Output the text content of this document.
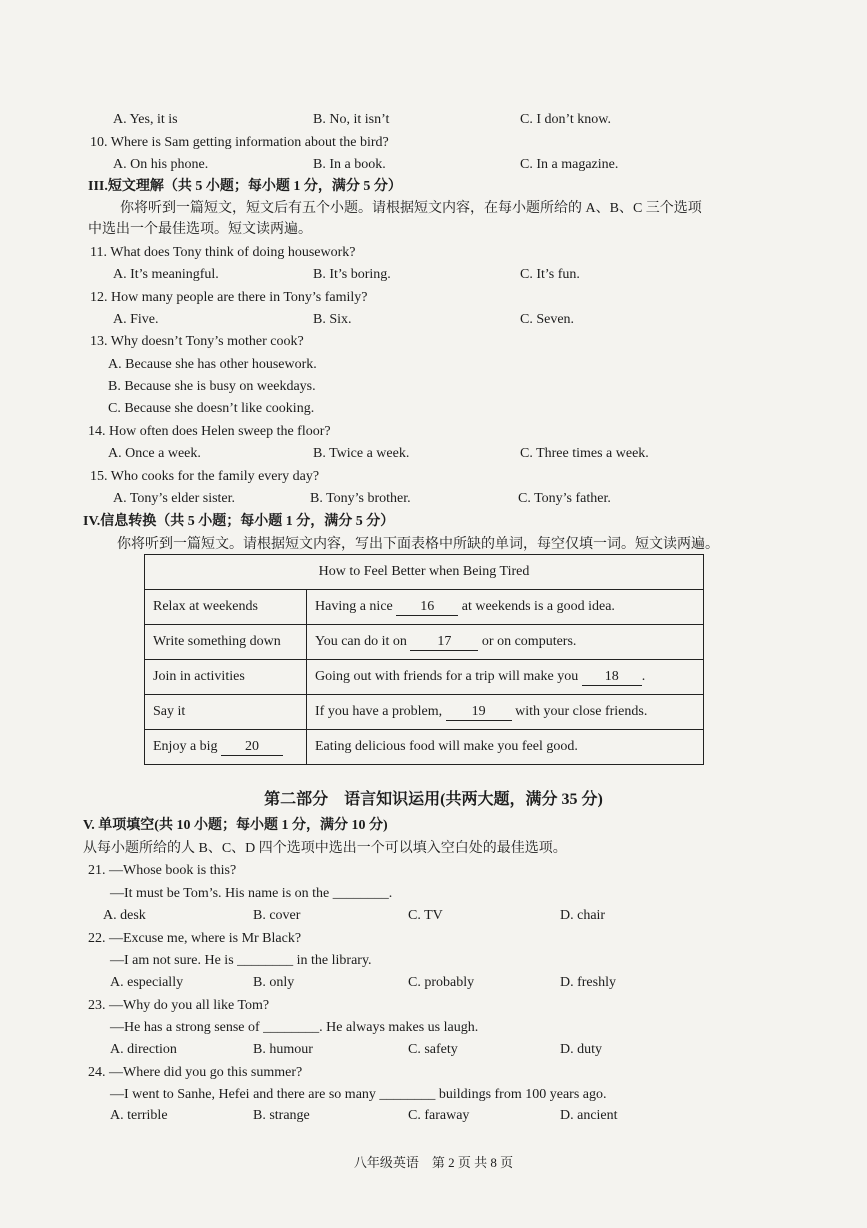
A. Yes, it is	B. No, it isn’t	C. I don’t know.
10. Where is Sam getting information about the bird?
A. On his phone.	B. In a book.	C. In a magazine.
III.短文理解（共 5 小题；每小题 1 分，满分 5 分）
你将听到一篇短文，短文后有五个小题。请根据短文内容，在每小题所给的 A、B、C 三个选项
中选出一个最佳选项。短文读两遍。
11. What does Tony think of doing housework?
A. It’s meaningful.	B. It’s boring.	C. It’s fun.
12. How many people are there in Tony’s family?
A. Five.	B. Six.	C. Seven.
13. Why doesn’t Tony’s mother cook?
A. Because she has other housework.
B. Because she is busy on weekdays.
C. Because she doesn’t like cooking.
14. How often does Helen sweep the floor?
A. Once a week.	B. Twice a week.	C. Three times a week.
15. Who cooks for the family every day?
A. Tony’s elder sister.	B. Tony’s brother.	C. Tony’s father.
IV.信息转换（共 5 小题；每小题 1 分，满分 5 分）
你将听到一篇短文。请根据短文内容，写出下面表格中所缺的单词，每空仅填一词。短文读两遍。
How to Feel Better when Being Tired	
Relax at weekends	Having a nice 16 at weekends is a good idea.
Write something down	You can do it on 17 or on computers.
Join in activities	Going out with friends for a trip will make you 18 .
Say it	If you have a problem, 19 with your close friends.
Enjoy a big 20	Eating delicious food will make you feel good.
第二部分　语言知识运用(共两大题，满分 35 分)
V. 单项填空(共 10 小题；每小题 1 分，满分 10 分)
从每小题所给的人 B、C、D 四个选项中选出一个可以填入空白处的最佳选项。
21. —Whose book is this?
—It must be Tom’s. His name is on the ________.
A. desk	B. cover	C. TV	D. chair
22. —Excuse me, where is Mr Black?
—I am not sure. He is ________ in the library.
A. especially	B. only	C. probably	D. freshly
23. —Why do you all like Tom?
—He has a strong sense of ________. He always makes us laugh.
A. direction	B. humour	C. safety	D. duty
24. —Where did you go this summer?
—I went to Sanhe, Hefei and there are so many ________ buildings from 100 years ago.
A. terrible	B. strange	C. faraway	D. ancient
八年级英语　第 2 页 共 8 页
